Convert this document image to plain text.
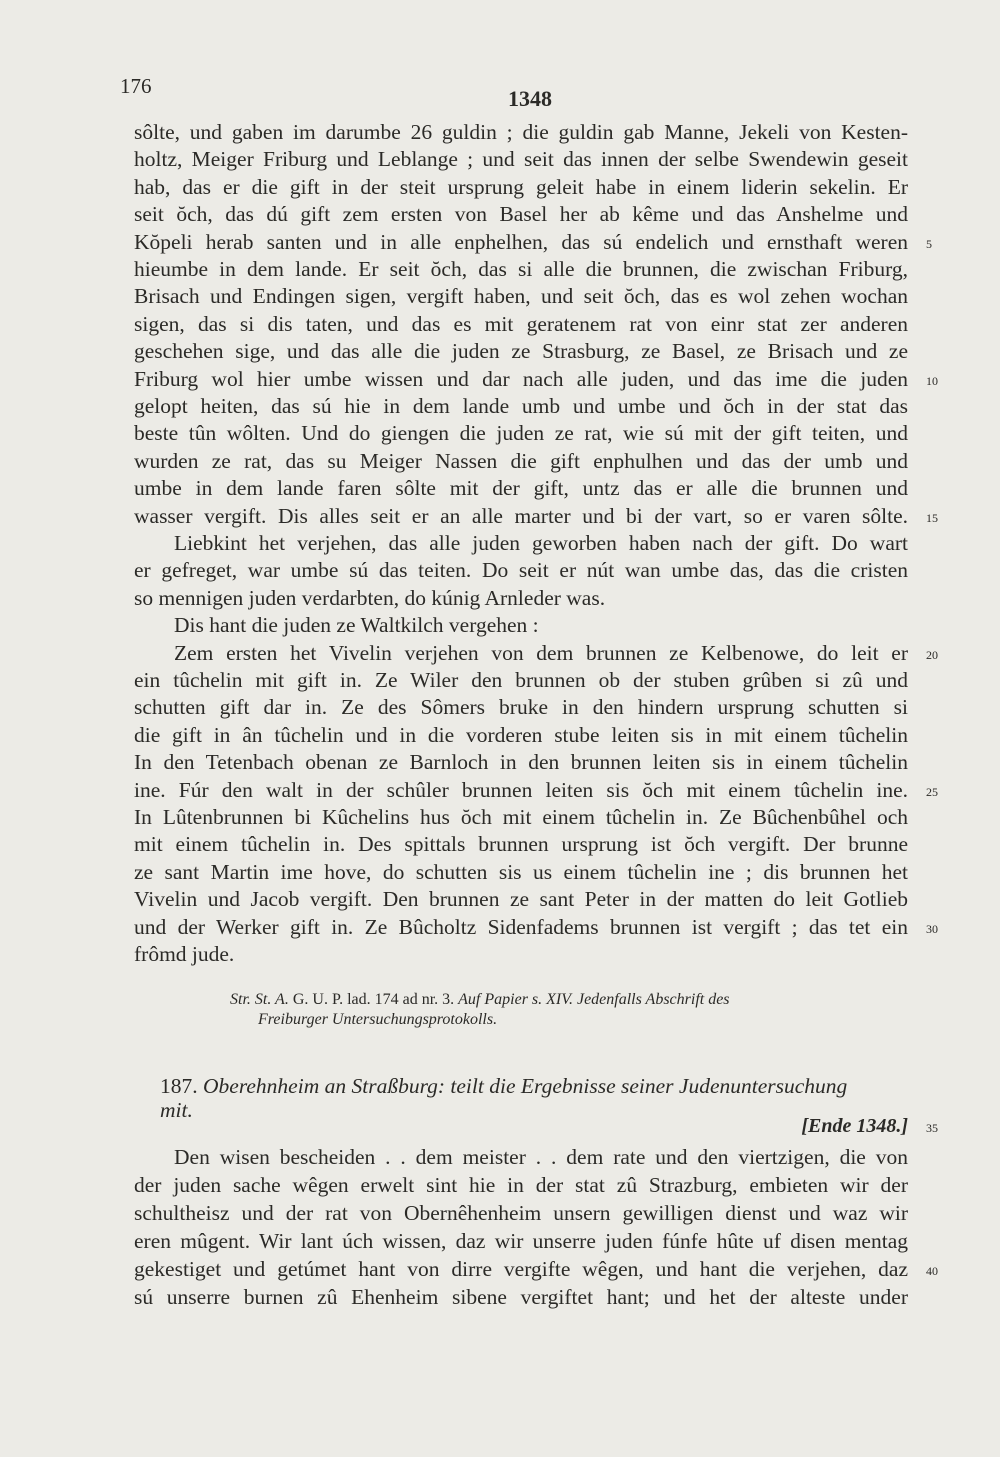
176	1348
sôlte, und gaben im darumbe 26 guldin ; die guldin gab Manne, Jekeli von Kesten-
holtz, Meiger Friburg und Leblange ; und seit das innen der selbe Swendewin geseit
hab, das er die gift in der steit ursprung geleit habe in einem liderin sekelin. Er
seit ŏch, das dú gift zem ersten von Basel her ab kême und das Anshelme und
Kŏpeli herab santen und in alle enphelhen, das sú endelich und ernsthaft weren
hieumbe in dem lande. Er seit ŏch, das si alle die brunnen, die zwischan Friburg,
Brisach und Endingen sigen, vergift haben, und seit ŏch, das es wol zehen wochan
sigen, das si dis taten, und das es mit geratenem rat von einr stat zer anderen
geschehen sige, und das alle die juden ze Strasburg, ze Basel, ze Brisach und ze
Friburg wol hier umbe wissen und dar nach alle juden, und das ime die juden
gelopt heiten, das sú hie in dem lande umb und umbe und ŏch in der stat das
beste tûn wôlten. Und do giengen die juden ze rat, wie sú mit der gift teiten, und
wurden ze rat, das su Meiger Nassen die gift enphulhen und das der umb und
umbe in dem lande faren sôlte mit der gift, untz das er alle die brunnen und
wasser vergift. Dis alles seit er an alle marter und bi der vart, so er varen sôlte.
Liebkint het verjehen, das alle juden geworben haben nach der gift. Do wart
er gefreget, war umbe sú das teiten. Do seit er nút wan umbe das, das die cristen
so mennigen juden verdarbten, do kúnig Arnleder was.
Dis hant die juden ze Waltkilch vergehen :
Zem ersten het Vivelin verjehen von dem brunnen ze Kelbenowe, do leit er
ein tûchelin mit gift in. Ze Wiler den brunnen ob der stuben grûben si zû und
schutten gift dar in. Ze des Sômers bruke in den hindern ursprung schutten si
die gift in ân tûchelin und in die vorderen stube leiten sis in mit einem tûchelin
In den Tetenbach obenan ze Barnloch in den brunnen leiten sis in einem tûchelin
ine. Fúr den walt in der schûler brunnen leiten sis ŏch mit einem tûchelin ine.
In Lûtenbrunnen bi Kûchelins hus ŏch mit einem tûchelin in. Ze Bûchenbûhel och
mit einem tûchelin in. Des spittals brunnen ursprung ist ŏch vergift. Der brunne
ze sant Martin ime hove, do schutten sis us einem tûchelin ine ; dis brunnen het
Vivelin und Jacob vergift. Den brunnen ze sant Peter in der matten do leit Gotlieb
und der Werker gift in. Ze Bûcholtz Sidenfadems brunnen ist vergift ; das tet ein
frômd jude.
5
10
15
20
25
30
Str. St. A. G. U. P. lad. 174 ad nr. 3. Auf Papier s. XIV. Jedenfalls Abschrift des
Freiburger Untersuchungsprotokolls.
187. Oberehnheim an Straßburg: teilt die Ergebnisse seiner Judenuntersuchung
mit.
[Ende 1348.] 35
Den wisen bescheiden . . dem meister . . dem rate und den viertzigen, die von
der juden sache wêgen erwelt sint hie in der stat zû Strazburg, embieten wir der
schultheisz und der rat von Obernêhenheim unsern gewilligen dienst und waz wir
eren mûgent. Wir lant úch wissen, daz wir unserre juden fúnfe hûte uf disen mentag
gekestiget und getúmet hant von dirre vergifte wêgen, und hant die verjehen, daz
sú unserre burnen zû Ehenheim sibene vergiftet hant; und het der alteste under
40
